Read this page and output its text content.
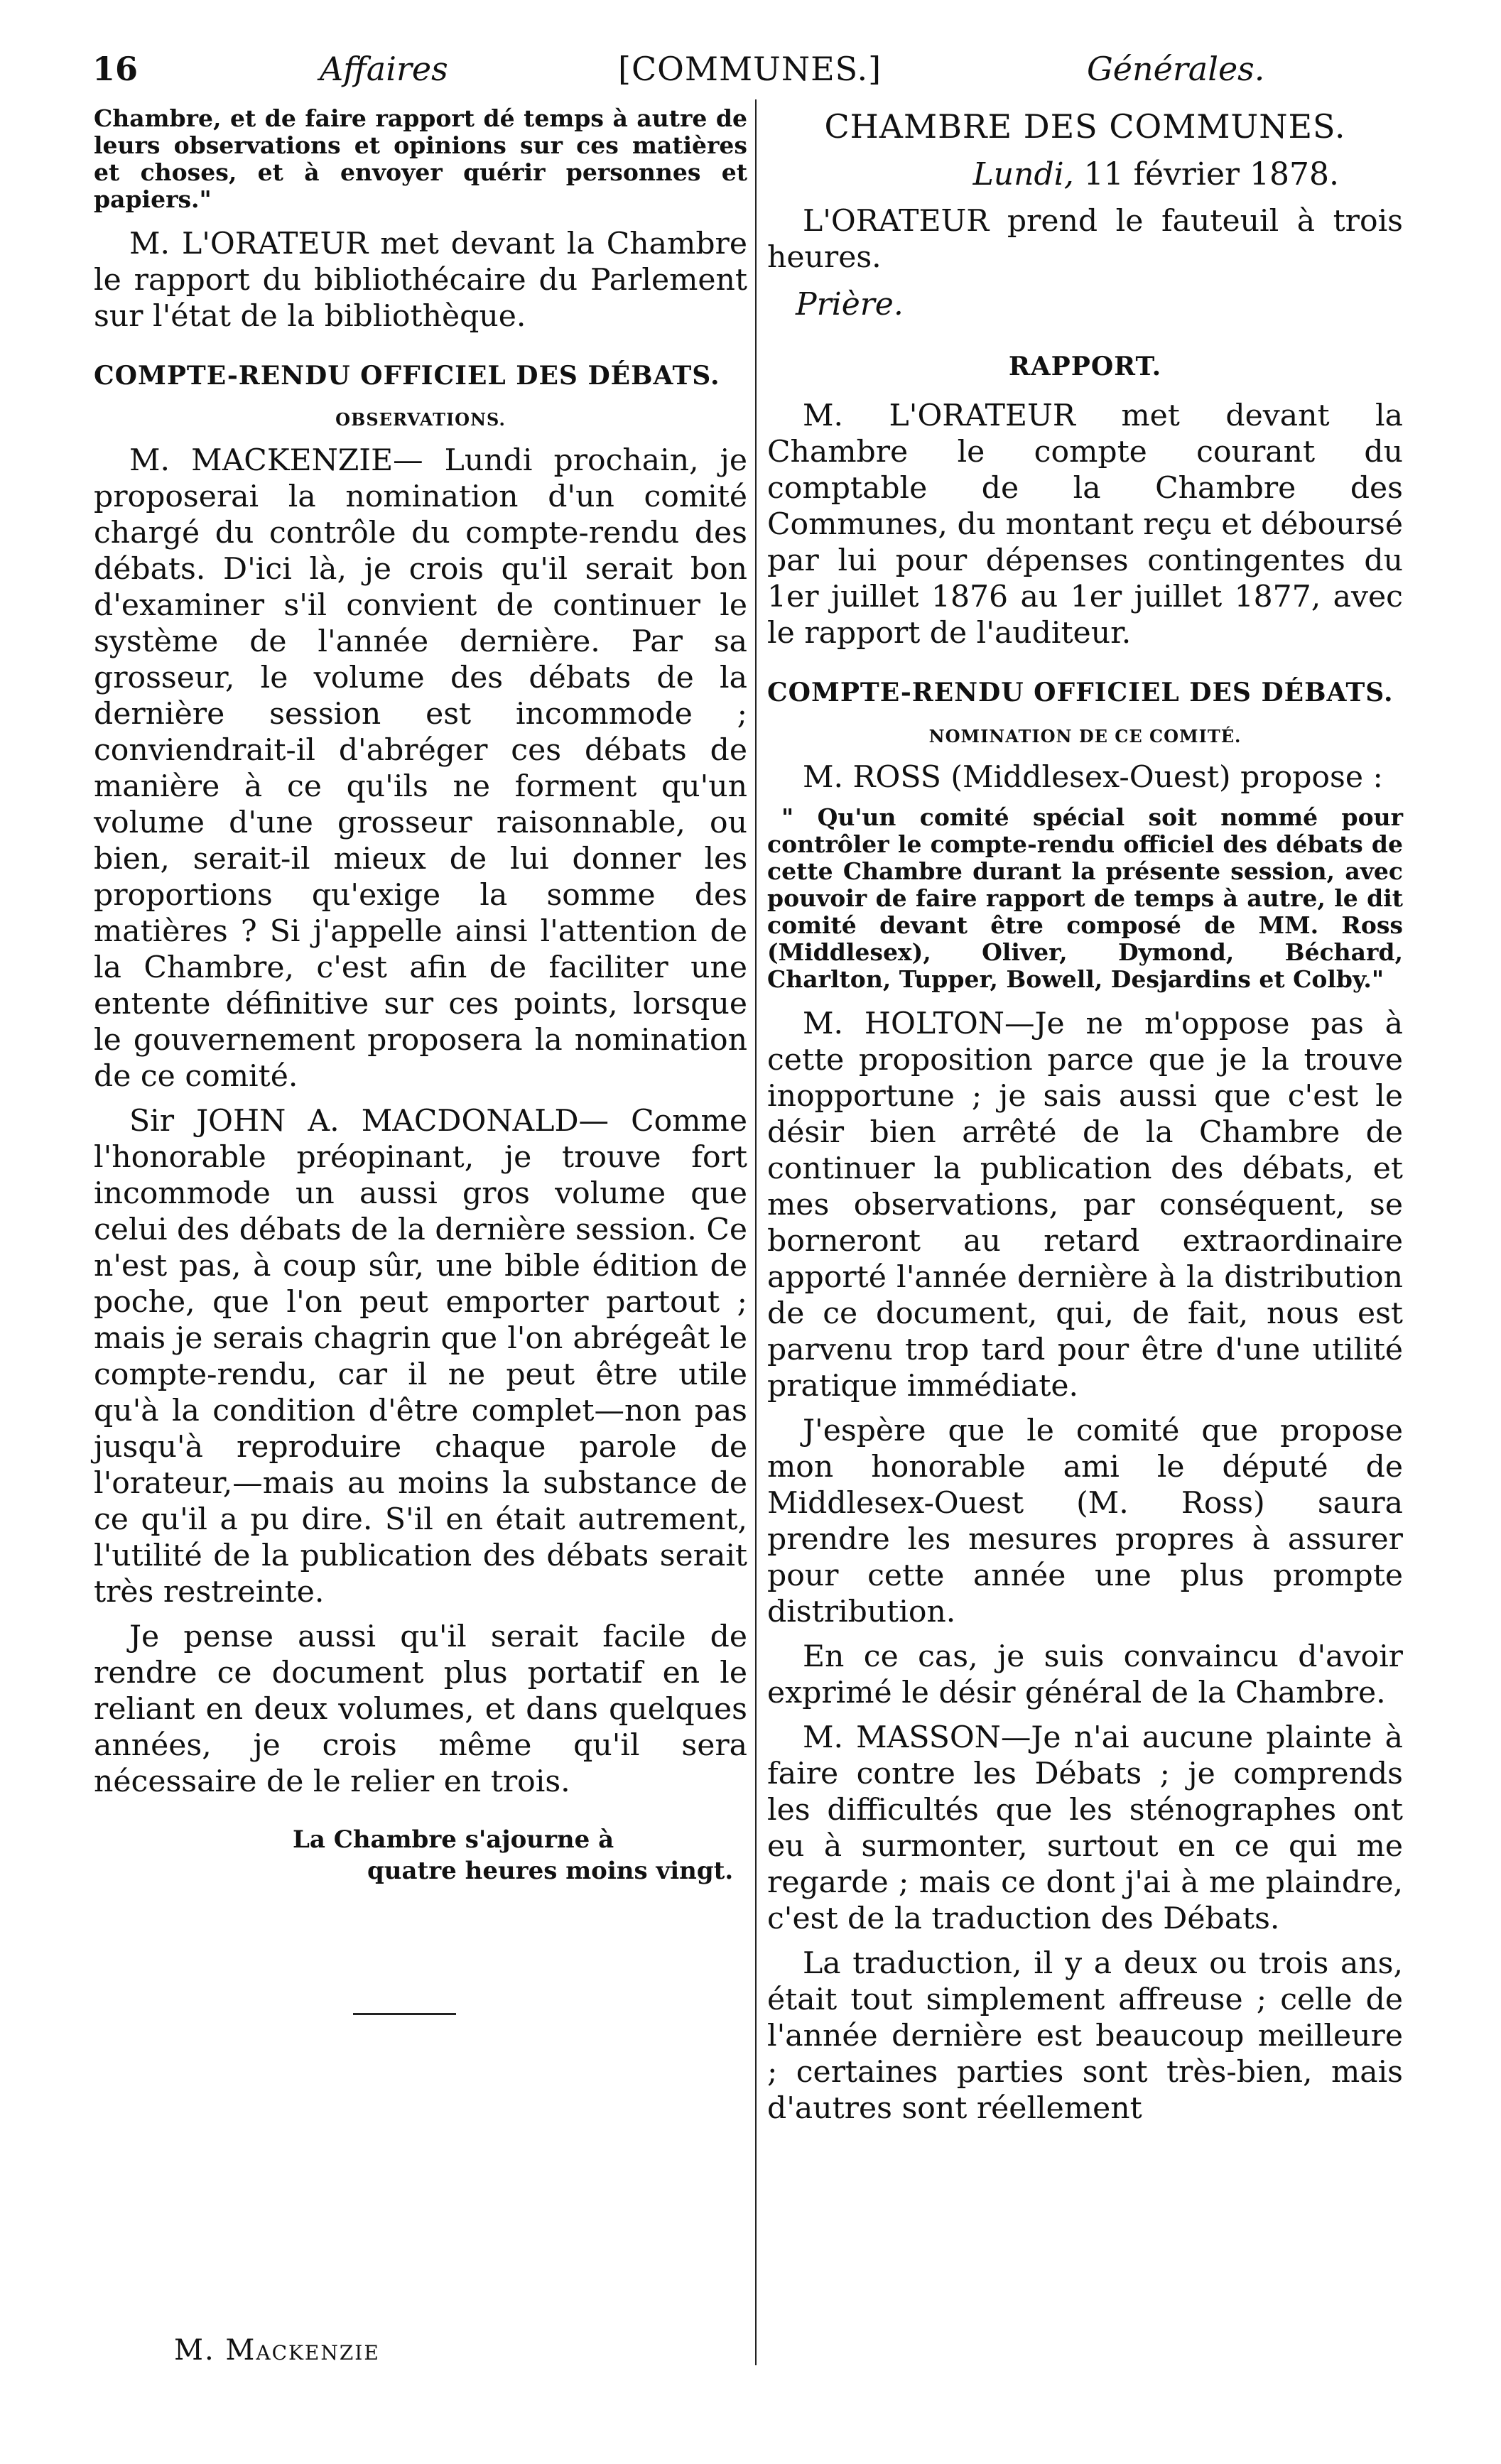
16	Affaires	[COMMUNES.]	Générales.

Chambre, et de faire rapport dé temps à autre de leurs observations et opinions sur ces matières et choses, et à envoyer quérir personnes et papiers."

M. L'ORATEUR met devant la Chambre le rapport du bibliothécaire du Parlement sur l'état de la bibliothèque.

COMPTE-RENDU OFFICIEL DES DÉBATS.

OBSERVATIONS.

M. MACKENZIE— Lundi prochain, je proposerai la nomination d'un comité chargé du contrôle du compte-rendu des débats. D'ici là, je crois qu'il serait bon d'examiner s'il convient de continuer le système de l'année dernière. Par sa grosseur, le volume des débats de la dernière session est incommode ; conviendrait-il d'abréger ces débats de manière à ce qu'ils ne forment qu'un volume d'une grosseur raisonnable, ou bien, serait-il mieux de lui donner les proportions qu'exige la somme des matières ? Si j'appelle ainsi l'attention de la Chambre, c'est afin de faciliter une entente définitive sur ces points, lorsque le gouvernement proposera la nomination de ce comité.

Sir JOHN A. MACDONALD— Comme l'honorable préopinant, je trouve fort incommode un aussi gros volume que celui des débats de la dernière session. Ce n'est pas, à coup sûr, une bible édition de poche, que l'on peut emporter partout ; mais je serais chagrin que l'on abrégeât le compte-rendu, car il ne peut être utile qu'à la condition d'être complet—non pas jusqu'à reproduire chaque parole de l'orateur,—mais au moins la substance de ce qu'il a pu dire. S'il en était autrement, l'utilité de la publication des débats serait très restreinte.

Je pense aussi qu'il serait facile de rendre ce document plus portatif en le reliant en deux volumes, et dans quelques années, je crois même qu'il sera nécessaire de le relier en trois.

La Chambre s'ajourne à
quatre heures moins vingt.

CHAMBRE DES COMMUNES.

Lundi, 11 février 1878.

L'ORATEUR prend le fauteuil à trois heures.

Prière.

RAPPORT.

M. L'ORATEUR met devant la Chambre le compte courant du comptable de la Chambre des Communes, du montant reçu et déboursé par lui pour dépenses contingentes du 1er juillet 1876 au 1er juillet 1877, avec le rapport de l'auditeur.

COMPTE-RENDU OFFICIEL DES DÉBATS.

NOMINATION DE CE COMITÉ.

M. ROSS (Middlesex-Ouest) propose :

" Qu'un comité spécial soit nommé pour contrôler le compte-rendu officiel des débats de cette Chambre durant la présente session, avec pouvoir de faire rapport de temps à autre, le dit comité devant être composé de MM. Ross (Middlesex), Oliver, Dymond, Béchard, Charlton, Tupper, Bowell, Desjardins et Colby."

M. HOLTON—Je ne m'oppose pas à cette proposition parce que je la trouve inopportune ; je sais aussi que c'est le désir bien arrêté de la Chambre de continuer la publication des débats, et mes observations, par conséquent, se borneront au retard extraordinaire apporté l'année dernière à la distribution de ce document, qui, de fait, nous est parvenu trop tard pour être d'une utilité pratique immédiate.

J'espère que le comité que propose mon honorable ami le député de Middlesex-Ouest (M. Ross) saura prendre les mesures propres à assurer pour cette année une plus prompte distribution.

En ce cas, je suis convaincu d'avoir exprimé le désir général de la Chambre.

M. MASSON—Je n'ai aucune plainte à faire contre les Débats ; je comprends les difficultés que les sténographes ont eu à surmonter, surtout en ce qui me regarde ; mais ce dont j'ai à me plaindre, c'est de la traduction des Débats.

La traduction, il y a deux ou trois ans, était tout simplement affreuse ; celle de l'année dernière est beaucoup meilleure ; certaines parties sont très-bien, mais d'autres sont réellement

M. Mackenzie
